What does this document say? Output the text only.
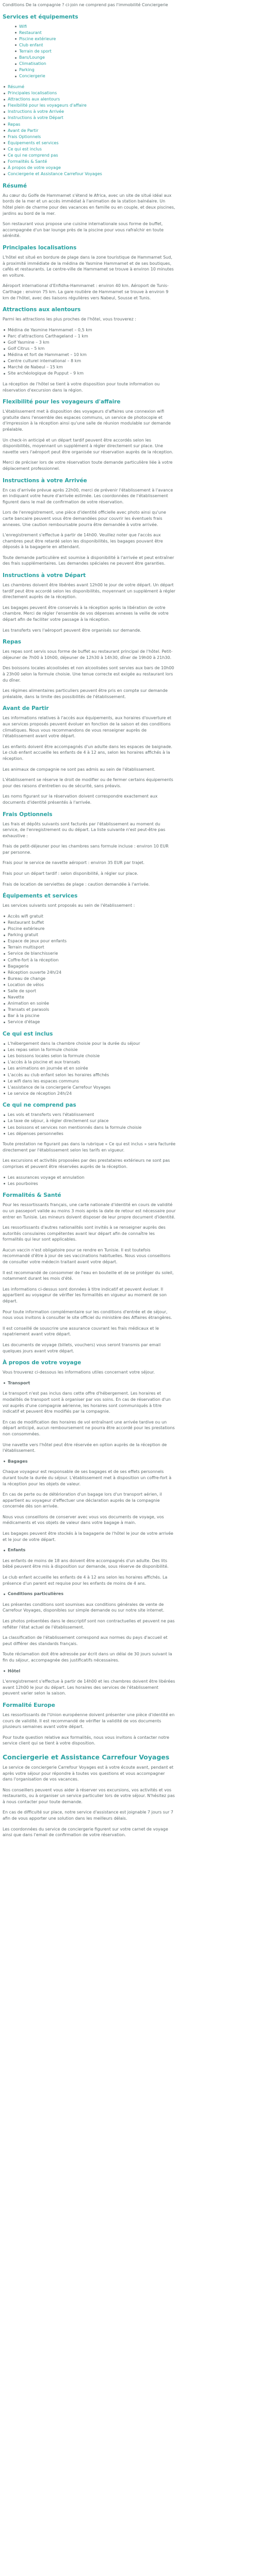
Conditions De la compagnie ? ci-join ne comprend pas l'immobilité Conciergerie

Services et équipements
Wifi
Restaurant
Piscine extérieure
Club enfant
Terrain de sport
Bars/Lounge
Climatisation
Parking
Conciergerie
Résumé
Principales localisations
Attractions aux alentours
Flexibilité pour les voyageurs d'affaire
Instructions à votre Arrivée
Instructions à votre Départ
Repas
Avant de Partir
Frais Optionnels
Équipements et services
Ce qui est inclus
Ce qui ne comprend pas
Formalités & Santé
À propos de votre voyage
Conciergerie et Assistance Carrefour Voyages
Résumé

Au cœur du Golfe de Hammamet s'étend le Africa, avec un site de situé idéal aux bords de la mer et un accès immédiat à l'animation de la station balnéaire. Un hôtel plein de charme pour des vacances en famille ou en couple, et deux piscines, jardins au bord de la mer.

Son restaurant vous propose une cuisine internationale sous forme de buffet, accompagnée d'un bar lounge près de la piscine pour vous rafraîchir en toute sérénité.

Principales localisations

L'hôtel est situé en bordure de plage dans la zone touristique de Hammamet Sud, à proximité immédiate de la médina de Yasmine Hammamet et de ses boutiques, cafés et restaurants. Le centre-ville de Hammamet se trouve à environ 10 minutes en voiture.

Aéroport international d'Enfidha-Hammamet : environ 40 km. Aéroport de Tunis-Carthage : environ 75 km. La gare routière de Hammamet se trouve à environ 9 km de l'hôtel, avec des liaisons régulières vers Nabeul, Sousse et Tunis.

Attractions aux alentours

Parmi les attractions les plus proches de l'hôtel, vous trouverez :

Médina de Yasmine Hammamet – 0,5 km
Parc d'attractions Carthageland – 1 km
Golf Yasmine – 3 km
Golf Citrus – 5 km
Médina et fort de Hammamet – 10 km
Centre culturel international – 8 km
Marché de Nabeul – 15 km
Site archéologique de Pupput – 9 km

La réception de l'hôtel se tient à votre disposition pour toute information ou réservation d'excursion dans la région.

Flexibilité pour les voyageurs d'affaire

L'établissement met à disposition des voyageurs d'affaires une connexion wifi gratuite dans l'ensemble des espaces communs, un service de photocopie et d'impression à la réception ainsi qu'une salle de réunion modulable sur demande préalable.

Un check-in anticipé et un départ tardif peuvent être accordés selon les disponibilités, moyennant un supplément à régler directement sur place. Une navette vers l'aéroport peut être organisée sur réservation auprès de la réception.

Merci de préciser lors de votre réservation toute demande particulière liée à votre déplacement professionnel.

Instructions à votre Arrivée

En cas d'arrivée prévue après 22h00, merci de prévenir l'établissement à l'avance en indiquant votre heure d'arrivée estimée. Les coordonnées de l'établissement figurent dans le mail de confirmation de votre réservation.

Lors de l'enregistrement, une pièce d'identité officielle avec photo ainsi qu'une carte bancaire peuvent vous être demandées pour couvrir les éventuels frais annexes. Une caution remboursable pourra être demandée à votre arrivée.

L'enregistrement s'effectue à partir de 14h00. Veuillez noter que l'accès aux chambres peut être retardé selon les disponibilités, les bagages pouvant être déposés à la bagagerie en attendant.

Toute demande particulière est soumise à disponibilité à l'arrivée et peut entraîner des frais supplémentaires. Les demandes spéciales ne peuvent être garanties.

Instructions à votre Départ

Les chambres doivent être libérées avant 12h00 le jour de votre départ. Un départ tardif peut être accordé selon les disponibilités, moyennant un supplément à régler directement auprès de la réception.

Les bagages peuvent être conservés à la réception après la libération de votre chambre. Merci de régler l'ensemble de vos dépenses annexes la veille de votre départ afin de faciliter votre passage à la réception.

Les transferts vers l'aéroport peuvent être organisés sur demande.

Repas

Les repas sont servis sous forme de buffet au restaurant principal de l'hôtel. Petit-déjeuner de 7h00 à 10h00, déjeuner de 12h30 à 14h30, dîner de 19h00 à 21h30.

Des boissons locales alcoolisées et non alcoolisées sont servies aux bars de 10h00 à 23h00 selon la formule choisie. Une tenue correcte est exigée au restaurant lors du dîner.

Les régimes alimentaires particuliers peuvent être pris en compte sur demande préalable, dans la limite des possibilités de l'établissement.

Avant de Partir

Les informations relatives à l'accès aux équipements, aux horaires d'ouverture et aux services proposés peuvent évoluer en fonction de la saison et des conditions climatiques. Nous vous recommandons de vous renseigner auprès de l'établissement avant votre départ.

Les enfants doivent être accompagnés d'un adulte dans les espaces de baignade. Le club enfant accueille les enfants de 4 à 12 ans, selon les horaires affichés à la réception.

Les animaux de compagnie ne sont pas admis au sein de l'établissement.

L'établissement se réserve le droit de modifier ou de fermer certains équipements pour des raisons d'entretien ou de sécurité, sans préavis.

Les noms figurant sur la réservation doivent correspondre exactement aux documents d'identité présentés à l'arrivée.

Frais Optionnels

Les frais et dépôts suivants sont facturés par l'établissement au moment du service, de l'enregistrement ou du départ. La liste suivante n'est peut-être pas exhaustive :

Frais de petit-déjeuner pour les chambres sans formule incluse : environ 10 EUR par personne.

Frais pour le service de navette aéroport : environ 35 EUR par trajet.

Frais pour un départ tardif : selon disponibilité, à régler sur place.

Frais de location de serviettes de plage : caution demandée à l'arrivée.

Équipements et services

Les services suivants sont proposés au sein de l'établissement :

Accès wifi gratuit
Restaurant buffet
Piscine extérieure
Parking gratuit
Espace de jeux pour enfants
Terrain multisport
Service de blanchisserie
Coffre-fort à la réception
Bagagerie
Réception ouverte 24h/24
Bureau de change
Location de vélos
Salle de sport
Navette
Animation en soirée
Transats et parasols
Bar à la piscine
Service d'étage
Ce qui est inclus
L'hébergement dans la chambre choisie pour la durée du séjour
Les repas selon la formule choisie
Les boissons locales selon la formule choisie
L'accès à la piscine et aux transats
Les animations en journée et en soirée
L'accès au club enfant selon les horaires affichés
Le wifi dans les espaces communs
L'assistance de la conciergerie Carrefour Voyages
Le service de réception 24h/24
Ce qui ne comprend pas
Les vols et transferts vers l'établissement
La taxe de séjour, à régler directement sur place
Les boissons et services non mentionnés dans la formule choisie
Les dépenses personnelles

Toute prestation ne figurant pas dans la rubrique « Ce qui est inclus » sera facturée directement par l'établissement selon les tarifs en vigueur.

Les excursions et activités proposées par des prestataires extérieurs ne sont pas comprises et peuvent être réservées auprès de la réception.

Les assurances voyage et annulation
Les pourboires
Formalités & Santé

Pour les ressortissants français, une carte nationale d'identité en cours de validité ou un passeport valide au moins 3 mois après la date de retour est nécessaire pour entrer en Tunisie. Les mineurs doivent disposer de leur propre document d'identité.

Les ressortissants d'autres nationalités sont invités à se renseigner auprès des autorités consulaires compétentes avant leur départ afin de connaître les formalités qui leur sont applicables.

Aucun vaccin n'est obligatoire pour se rendre en Tunisie. Il est toutefois recommandé d'être à jour de ses vaccinations habituelles. Nous vous conseillons de consulter votre médecin traitant avant votre départ.

Il est recommandé de consommer de l'eau en bouteille et de se protéger du soleil, notamment durant les mois d'été.

Les informations ci-dessus sont données à titre indicatif et peuvent évoluer. Il appartient au voyageur de vérifier les formalités en vigueur au moment de son départ.

Pour toute information complémentaire sur les conditions d'entrée et de séjour, nous vous invitons à consulter le site officiel du ministère des Affaires étrangères.

Il est conseillé de souscrire une assurance couvrant les frais médicaux et le rapatriement avant votre départ.

Les documents de voyage (billets, vouchers) vous seront transmis par email quelques jours avant votre départ.

À propos de votre voyage

Vous trouverez ci-dessous les informations utiles concernant votre séjour.

Transport

Le transport n'est pas inclus dans cette offre d'hébergement. Les horaires et modalités de transport sont à organiser par vos soins. En cas de réservation d'un vol auprès d'une compagnie aérienne, les horaires sont communiqués à titre indicatif et peuvent être modifiés par la compagnie.

En cas de modification des horaires de vol entraînant une arrivée tardive ou un départ anticipé, aucun remboursement ne pourra être accordé pour les prestations non consommées.

Une navette vers l'hôtel peut être réservée en option auprès de la réception de l'établissement.

Bagages

Chaque voyageur est responsable de ses bagages et de ses effets personnels durant toute la durée du séjour. L'établissement met à disposition un coffre-fort à la réception pour les objets de valeur.

En cas de perte ou de détérioration d'un bagage lors d'un transport aérien, il appartient au voyageur d'effectuer une déclaration auprès de la compagnie concernée dès son arrivée.

Nous vous conseillons de conserver avec vous vos documents de voyage, vos médicaments et vos objets de valeur dans votre bagage à main.

Les bagages peuvent être stockés à la bagagerie de l'hôtel le jour de votre arrivée et le jour de votre départ.

Enfants

Les enfants de moins de 18 ans doivent être accompagnés d'un adulte. Des lits bébé peuvent être mis à disposition sur demande, sous réserve de disponibilité.

Le club enfant accueille les enfants de 4 à 12 ans selon les horaires affichés. La présence d'un parent est requise pour les enfants de moins de 4 ans.

Conditions particulières

Les présentes conditions sont soumises aux conditions générales de vente de Carrefour Voyages, disponibles sur simple demande ou sur notre site internet.

Les photos présentées dans le descriptif sont non contractuelles et peuvent ne pas refléter l'état actuel de l'établissement.

La classification de l'établissement correspond aux normes du pays d'accueil et peut différer des standards français.

Toute réclamation doit être adressée par écrit dans un délai de 30 jours suivant la fin du séjour, accompagnée des justificatifs nécessaires.

Hôtel

L'enregistrement s'effectue à partir de 14h00 et les chambres doivent être libérées avant 12h00 le jour du départ. Les horaires des services de l'établissement peuvent varier selon la saison.

Formalité Europe

Les ressortissants de l'Union européenne doivent présenter une pièce d'identité en cours de validité. Il est recommandé de vérifier la validité de vos documents plusieurs semaines avant votre départ.

Pour toute question relative aux formalités, nous vous invitons à contacter notre service client qui se tient à votre disposition.

Conciergerie et Assistance Carrefour Voyages

Le service de conciergerie Carrefour Voyages est à votre écoute avant, pendant et après votre séjour pour répondre à toutes vos questions et vous accompagner dans l'organisation de vos vacances.

Nos conseillers peuvent vous aider à réserver vos excursions, vos activités et vos restaurants, ou à organiser un service particulier lors de votre séjour. N'hésitez pas à nous contacter pour toute demande.

En cas de difficulté sur place, notre service d'assistance est joignable 7 jours sur 7 afin de vous apporter une solution dans les meilleurs délais.

Les coordonnées du service de conciergerie figurent sur votre carnet de voyage ainsi que dans l'email de confirmation de votre réservation.
